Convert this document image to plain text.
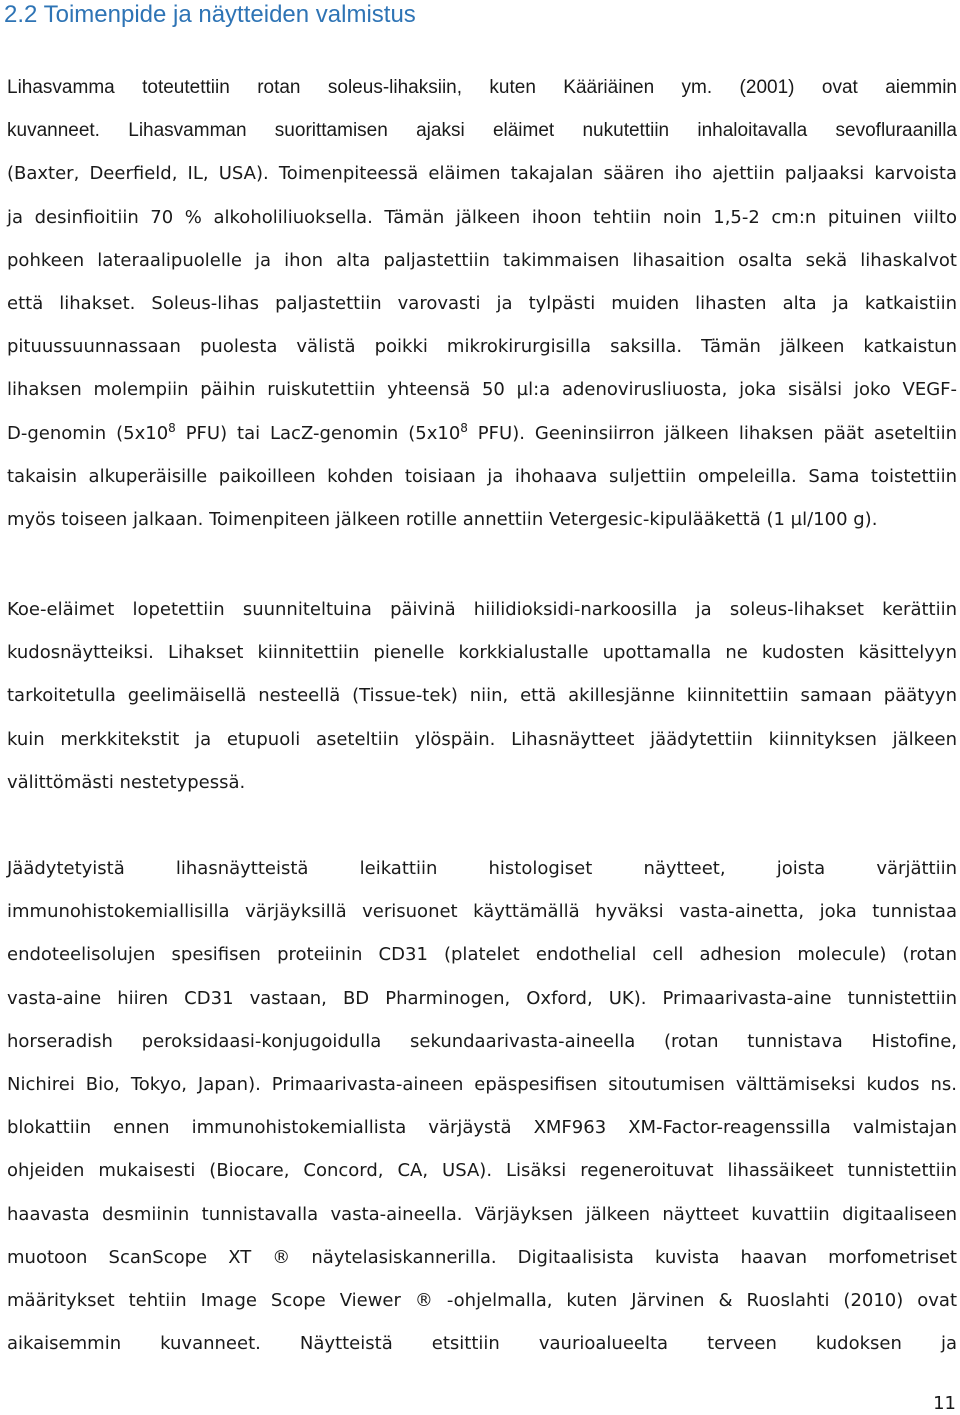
2.2 Toimenpide ja näytteiden valmistus

Lihasvamma toteutettiin rotan soleus-lihaksiin, kuten Kääriäinen ym. (2001) ovat aiemmin
kuvanneet. Lihasvamman suorittamisen ajaksi eläimet nukutettiin inhaloitavalla sevofluraanilla
(Baxter, Deerfield, IL, USA). Toimenpiteessä eläimen takajalan säären iho ajettiin paljaaksi karvoista
ja desinfioitiin 70 % alkoholiliuoksella. Tämän jälkeen ihoon tehtiin noin 1,5-2 cm:n pituinen viilto
pohkeen lateraalipuolelle ja ihon alta paljastettiin takimmaisen lihasaition osalta sekä lihaskalvot
että lihakset. Soleus-lihas paljastettiin varovasti ja tylpästi muiden lihasten alta ja katkaistiin
pituussuunnassaan puolesta välistä poikki mikrokirurgisilla saksilla. Tämän jälkeen katkaistun
lihaksen molempiin päihin ruiskutettiin yhteensä 50 µl:a adenovirusliuosta, joka sisälsi joko VEGF-
D-genomin ($5x10^8$ PFU) tai LacZ-genomin ($5x10^8$ PFU). Geeninsiirron jälkeen lihaksen päät aseteltiin
takaisin alkuperäisille paikoilleen kohden toisiaan ja ihohaava suljettiin ompeleilla. Sama toistettiin
myös toiseen jalkaan. Toimenpiteen jälkeen rotille annettiin Vetergesic-kipulääkettä (1 µl/100 g).

Koe-eläimet lopetettiin suunniteltuina päivinä hiilidioksidi-narkoosilla ja soleus-lihakset kerättiin
kudosnäytteiksi. Lihakset kiinnitettiin pienelle korkkialustalle upottamalla ne kudosten käsittelyyn
tarkoitetulla geelimäisellä nesteellä (Tissue-tek) niin, että akillesjänne kiinnitettiin samaan päätyyn
kuin merkkitekstit ja etupuoli aseteltiin ylöspäin. Lihasnäytteet jäädytettiin kiinnityksen jälkeen
välittömästi nestetypessä.

Jäädytetyistä lihasnäytteistä leikattiin histologiset näytteet, joista värjättiin
immunohistokemiallisilla värjäyksillä verisuonet käyttämällä hyväksi vasta-ainetta, joka tunnistaa
endoteelisolujen spesifisen proteiinin CD31 (platelet endothelial cell adhesion molecule) (rotan
vasta-aine hiiren CD31 vastaan, BD Pharminogen, Oxford, UK). Primaarivasta-aine tunnistettiin
horseradish peroksidaasi-konjugoidulla sekundaarivasta-aineella (rotan tunnistava Histofine,
Nichirei Bio, Tokyo, Japan). Primaarivasta-aineen epäspesifisen sitoutumisen välttämiseksi kudos ns.
blokattiin ennen immunohistokemiallista värjäystä XMF963 XM-Factor-reagenssilla valmistajan
ohjeiden mukaisesti (Biocare, Concord, CA, USA). Lisäksi regeneroituvat lihassäikeet tunnistettiin
haavasta desmiinin tunnistavalla vasta-aineella. Värjäyksen jälkeen näytteet kuvattiin digitaaliseen
muotoon ScanScope XT ® näytelasiskannerilla. Digitaalisista kuvista haavan morfometriset
määritykset tehtiin Image Scope Viewer ® -ohjelmalla, kuten Järvinen & Ruoslahti (2010) ovat
aikaisemmin kuvanneet. Näytteistä etsittiin vaurioalueelta terveen kudoksen ja

11
